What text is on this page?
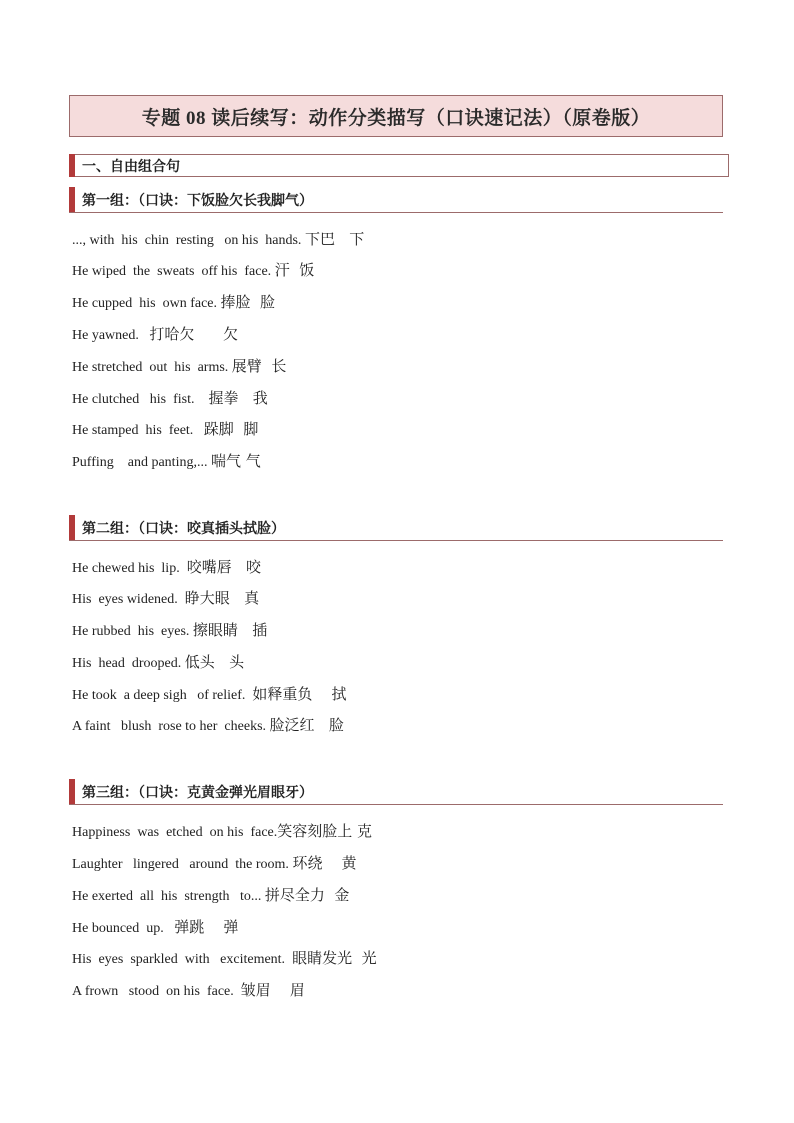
专题 08 读后续写：动作分类描写（口诀速记法）（原卷版）
一、自由组合句
第一组：（口诀：下饭脸欠长我脚气）
..., with  his  chin  resting   on his  hands. 下巴   下
He wiped  the  sweats  off his  face. 汗  饭
He cupped  his  own face. 捧脸  脸
He yawned.   打哈欠      欠
He stretched  out  his  arms. 展臂  长
He clutched   his  fist.    握拳   我
He stamped  his  feet.   跺脚  脚
Puffing    and panting,... 喘气 气
第二组：（口诀：咬真插头拭脸）
He chewed his  lip.  咬嘴唇   咬
His  eyes widened.  睁大眼   真
He rubbed  his  eyes. 擦眼睛   插
His  head  drooped. 低头   头
He took  a deep sigh   of relief.  如释重负    拭
A faint   blush  rose to her  cheeks. 脸泛红   脸
第三组：（口诀：克黄金弹光眉眼牙）
Happiness  was  etched  on his  face.笑容刻脸上 克
Laughter   lingered   around  the room. 环绕    黄
He exerted  all  his  strength   to... 拼尽全力  金
He bounced  up.   弹跳    弹
His  eyes  sparkled  with   excitement.  眼睛发光  光
A frown   stood  on his  face.  皱眉    眉
